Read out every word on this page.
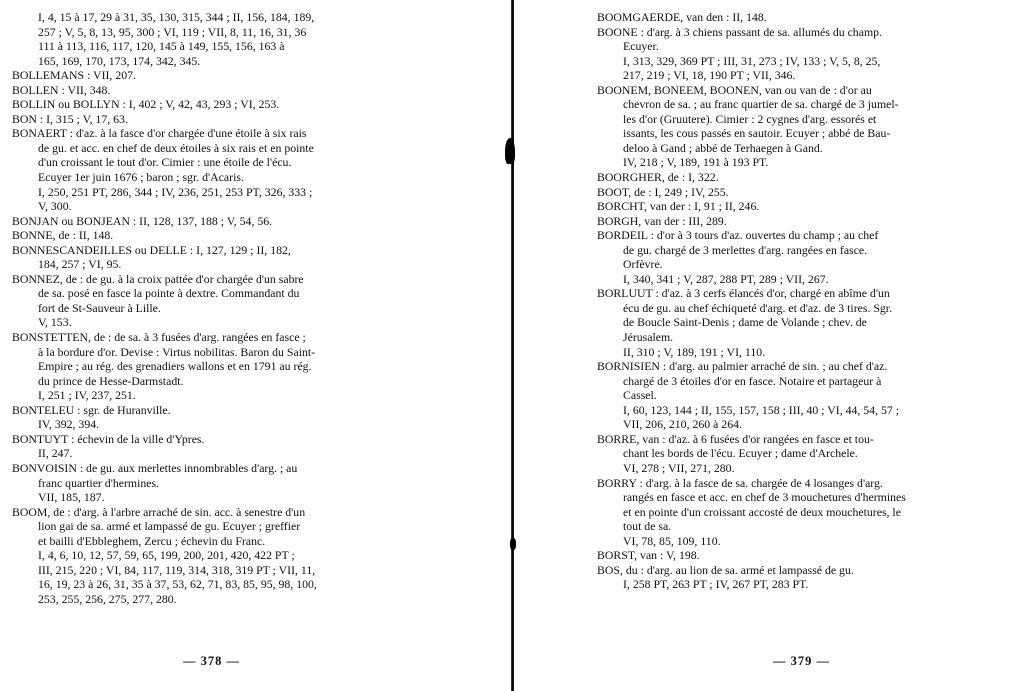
I, 4, 15 à 17, 29 à 31, 35, 130, 315, 344 ; II, 156, 184, 189,
257 ; V, 5, 8, 13, 95, 300 ; VI, 119 ; VII, 8, 11, 16, 31, 36
111 à 113, 116, 117, 120, 145 à 149, 155, 156, 163 à
165, 169, 170, 173, 174, 342, 345.
BOLLEMANS : VII, 207.
BOLLEN : VII, 348.
BOLLIN ou BOLLYN : I, 402 ; V, 42, 43, 293 ; VI, 253.
BON : I, 315 ; V, 17, 63.
BONAERT : d'az. à la fasce d'or chargée d'une étoile à six rais
de gu. et acc. en chef de deux étoiles à six rais et en pointe
d'un croissant le tout d'or. Cimier : une étoile de l'écu.
Ecuyer 1er juin 1676 ; baron ; sgr. d'Acaris.
I, 250, 251 PT, 286, 344 ; IV, 236, 251, 253 PT, 326, 333 ;
V, 300.
BONJAN ou BONJEAN : II, 128, 137, 188 ; V, 54, 56.
BONNE, de : II, 148.
BONNESCANDEILLES ou DELLE : I, 127, 129 ; II, 182,
184, 257 ; VI, 95.
BONNEZ, de : de gu. à la croix pattée d'or chargée d'un sabre
de sa. posé en fasce la pointe à dextre. Commandant du
fort de St-Sauveur à Lille.
V, 153.
BONSTETTEN, de : de sa. à 3 fusées d'arg. rangées en fasce ;
à la bordure d'or. Devise : Virtus nobilitas. Baron du Saint-
Empire ; au rég. des grenadiers wallons et en 1791 au rég.
du prince de Hesse-Darmstadt.
I, 251 ; IV, 237, 251.
BONTELEU : sgr. de Huranville.
IV, 392, 394.
BONTUYT : échevin de la ville d'Ypres.
II, 247.
BONVOISIN : de gu. aux merlettes innombrables d'arg. ; au
franc quartier d'hermines.
VII, 185, 187.
BOOM, de : d'arg. à l'arbre arraché de sin. acc. à senestre d'un
lion gai de sa. armé et lampassé de gu. Ecuyer ; greffier
et bailli d'Ebbleghem, Zercu ; échevin du Franc.
I, 4, 6, 10, 12, 57, 59, 65, 199, 200, 201, 420, 422 PT ;
III, 215, 220 ; VI, 84, 117, 119, 314, 318, 319 PT ; VII, 11,
16, 19, 23 à 26, 31, 35 à 37, 53, 62, 71, 83, 85, 95, 98, 100,
253, 255, 256, 275, 277, 280.
— 378 —
BOOMGAERDE, van den : II, 148.
BOONE : d'arg. à 3 chiens passant de sa. allumés du champ.
Ecuyer.
I, 313, 329, 369 PT ; III, 31, 273 ; IV, 133 ; V, 5, 8, 25,
217, 219 ; VI, 18, 190 PT ; VII, 346.
BOONEM, BONEEM, BOONEN, van ou van de : d'or au
chevron de sa. ; au franc quartier de sa. chargé de 3 jumel-
les d'or (Gruutere). Cimier : 2 cygnes d'arg. essorés et
issants, les cous passés en sautoir. Ecuyer ; abbé de Bau-
deloo à Gand ; abbé de Terhaegen à Gand.
IV, 218 ; V, 189, 191 à 193 PT.
BOORGHER, de : I, 322.
BOOT, de : I, 249 ; IV, 255.
BORCHT, van der : I, 91 ; II, 246.
BORGH, van der : III, 289.
BORDEIL : d'or à 3 tours d'az. ouvertes du champ ; au chef
de gu. chargé de 3 merlettes d'arg. rangées en fasce.
Orfèvre.
I, 340, 341 ; V, 287, 288 PT, 289 ; VII, 267.
BORLUUT : d'az. à 3 cerfs élancés d'or, chargé en abîme d'un
écu de gu. au chef échiqueté d'arg. et d'az. de 3 tires. Sgr.
de Boucle Saint-Denis ; dame de Volande ; chev. de
Jérusalem.
II, 310 ; V, 189, 191 ; VI, 110.
BORNISIEN : d'arg. au palmier arraché de sin. ; au chef d'az.
chargé de 3 étoiles d'or en fasce. Notaire et partageur à
Cassel.
I, 60, 123, 144 ; II, 155, 157, 158 ; III, 40 ; VI, 44, 54, 57 ;
VII, 206, 210, 260 à 264.
BORRE, van : d'az. à 6 fusées d'or rangées en fasce et tou-
chant les bords de l'écu. Ecuyer ; dame d'Archele.
VI, 278 ; VII, 271, 280.
BORRY : d'arg. à la fasce de sa. chargée de 4 losanges d'arg.
rangés en fasce et acc. en chef de 3 mouchetures d'hermines
et en pointe d'un croissant accosté de deux mouchetures, le
tout de sa.
VI, 78, 85, 109, 110.
BORST, van : V, 198.
BOS, du : d'arg. au lion de sa. armé et lampassé de gu.
I, 258 PT, 263 PT ; IV, 267 PT, 283 PT.
— 379 —
